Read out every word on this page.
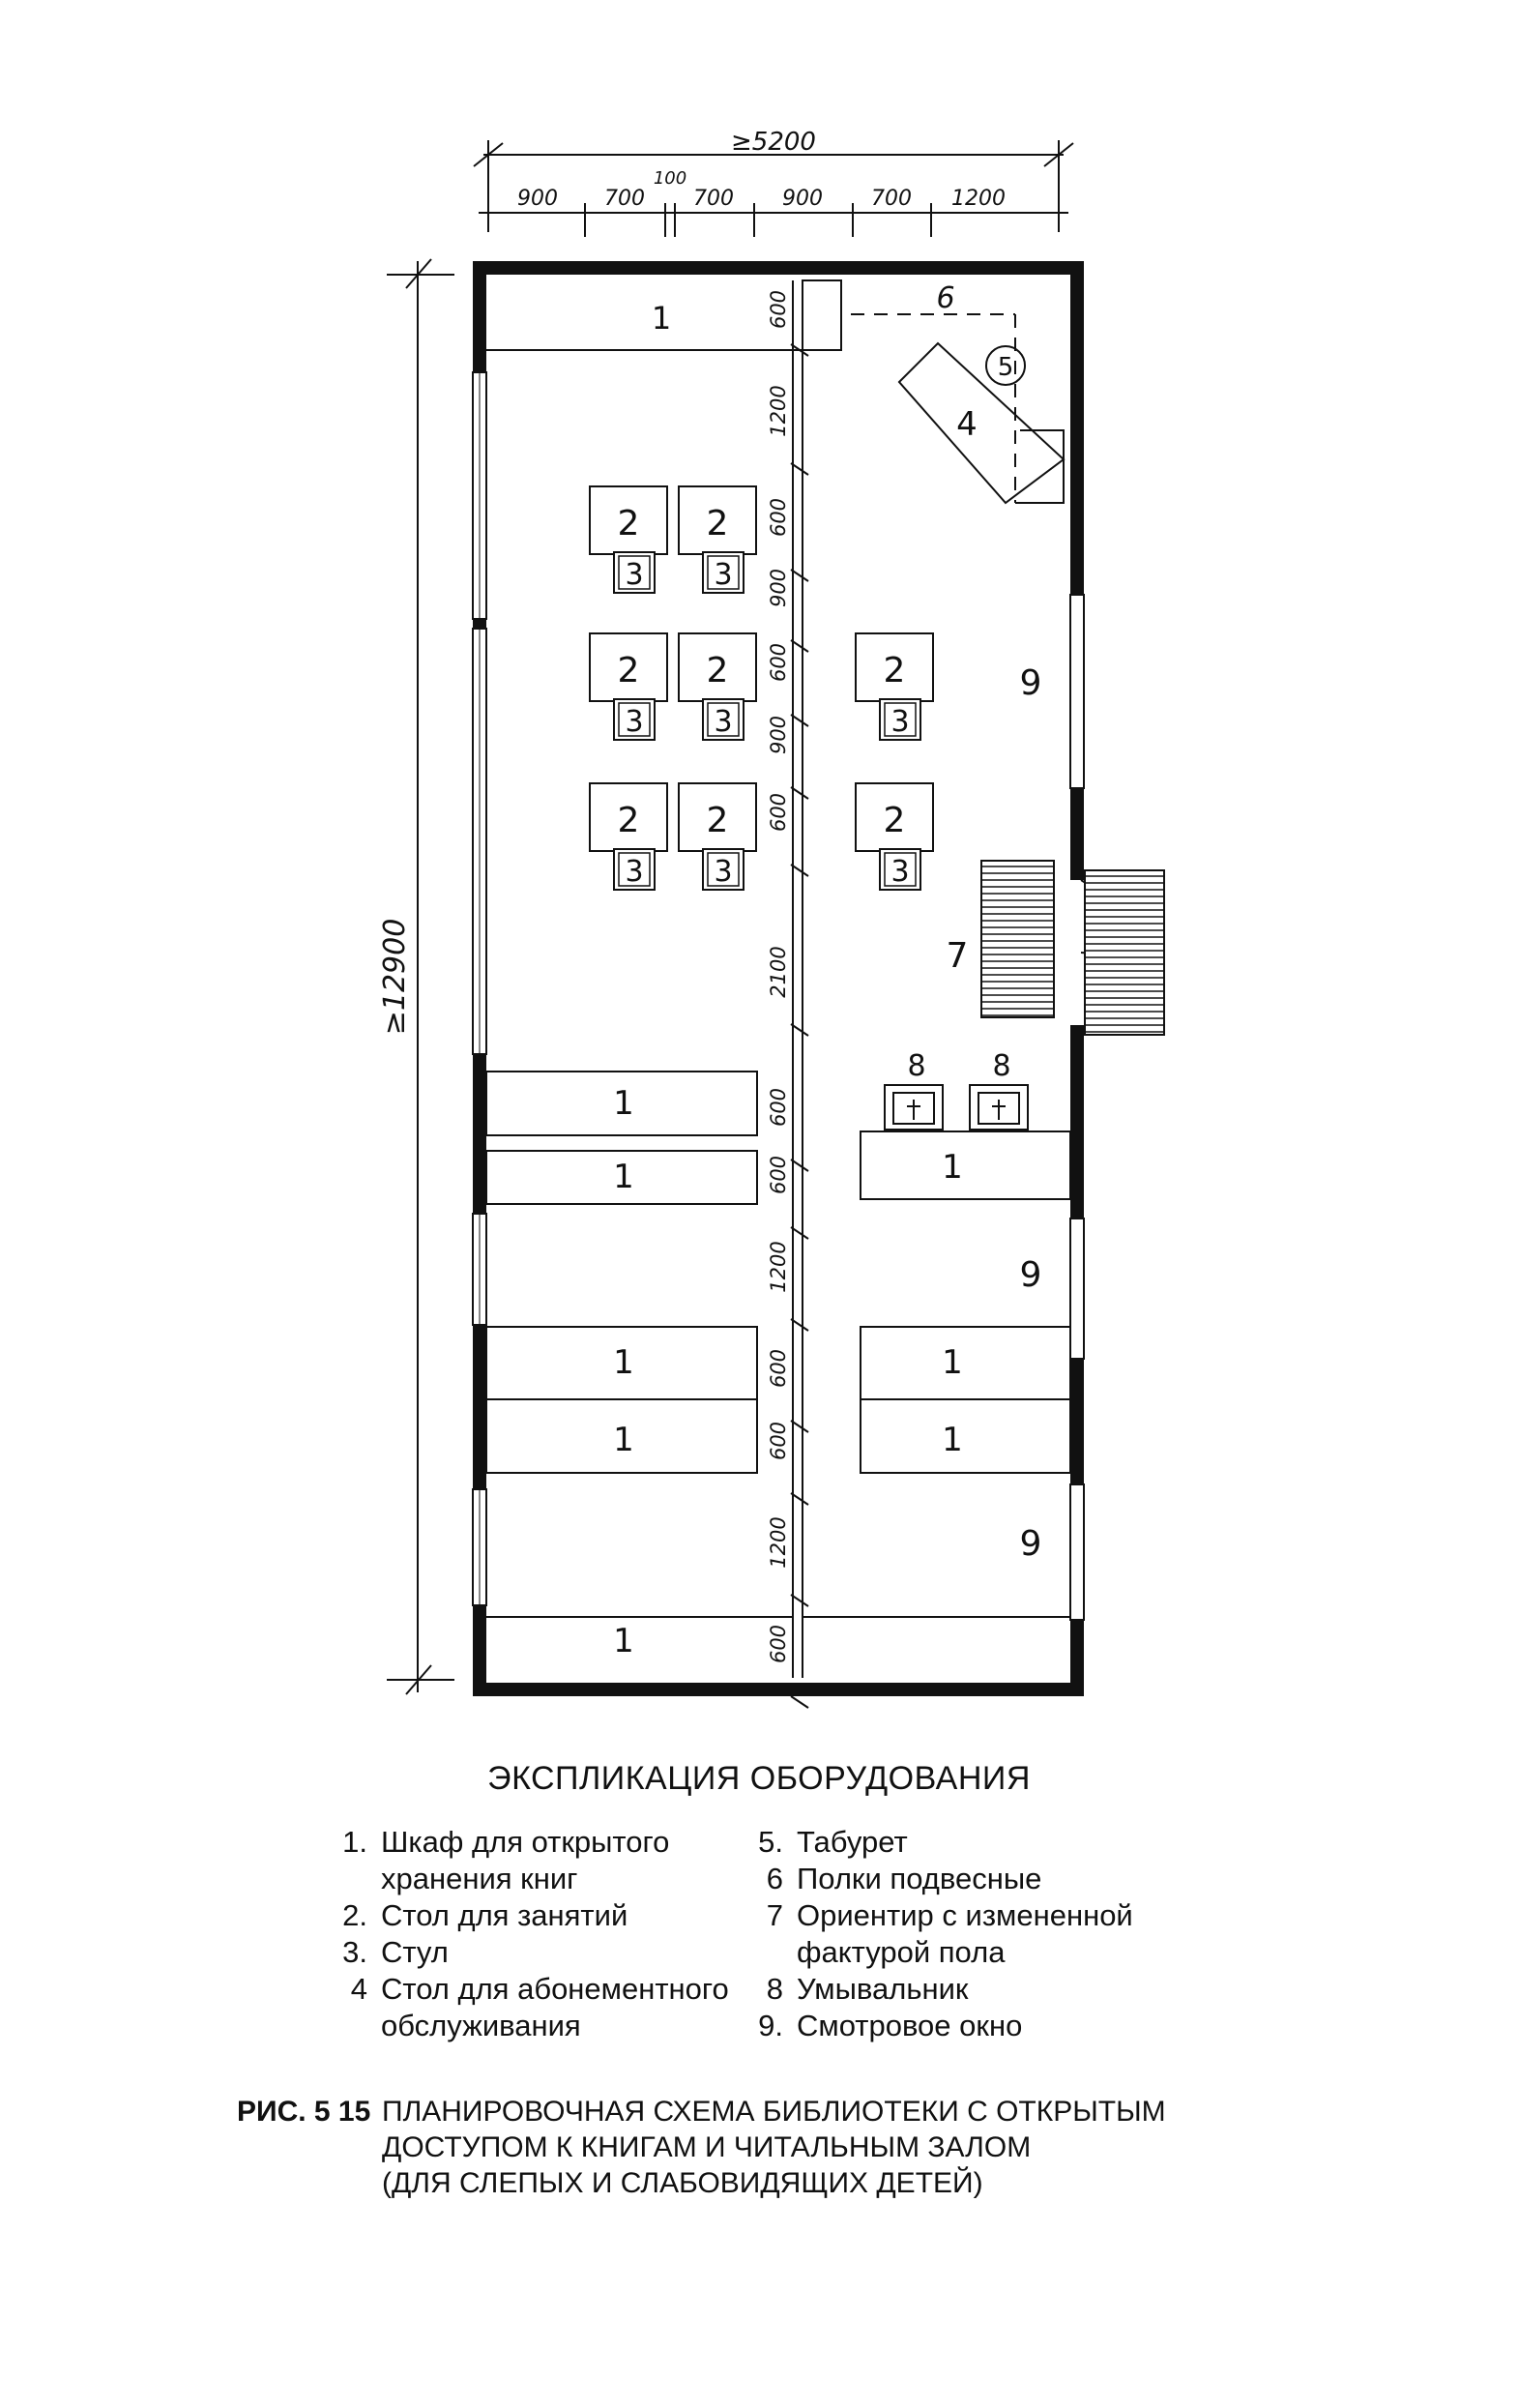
≥5200
900 700
100
700 900 700 1200
≥12900
600
1200
600
900
600
900
600
2100
600
600
1200
600
600
1200
600
1
6
5
4
2
3
2
3
2
3
2
3
2
3
2
3
2
3
2
3
7
8 8
1
1	1
1
1
1
1
1
9
9
9
ЭКСПЛИКАЦИЯ ОБОРУДОВАНИЯ
1. Шкаф для открытого
хранения книг
2. Стол для занятий
3. Стул
4 Стол для абонементного
обслуживания
5. Табурет
6 Полки подвесные
7 Ориентир с измененной
фактурой пола
8 Умывальник
9. Смотровое окно
РИС. 5 15 ПЛАНИРОВОЧНАЯ СХЕМА БИБЛИОТЕКИ С ОТКРЫТЫМ
ДОСТУПОМ К КНИГАМ И ЧИТАЛЬНЫМ ЗАЛОМ
(ДЛЯ СЛЕПЫХ И СЛАБОВИДЯЩИХ ДЕТЕЙ)
